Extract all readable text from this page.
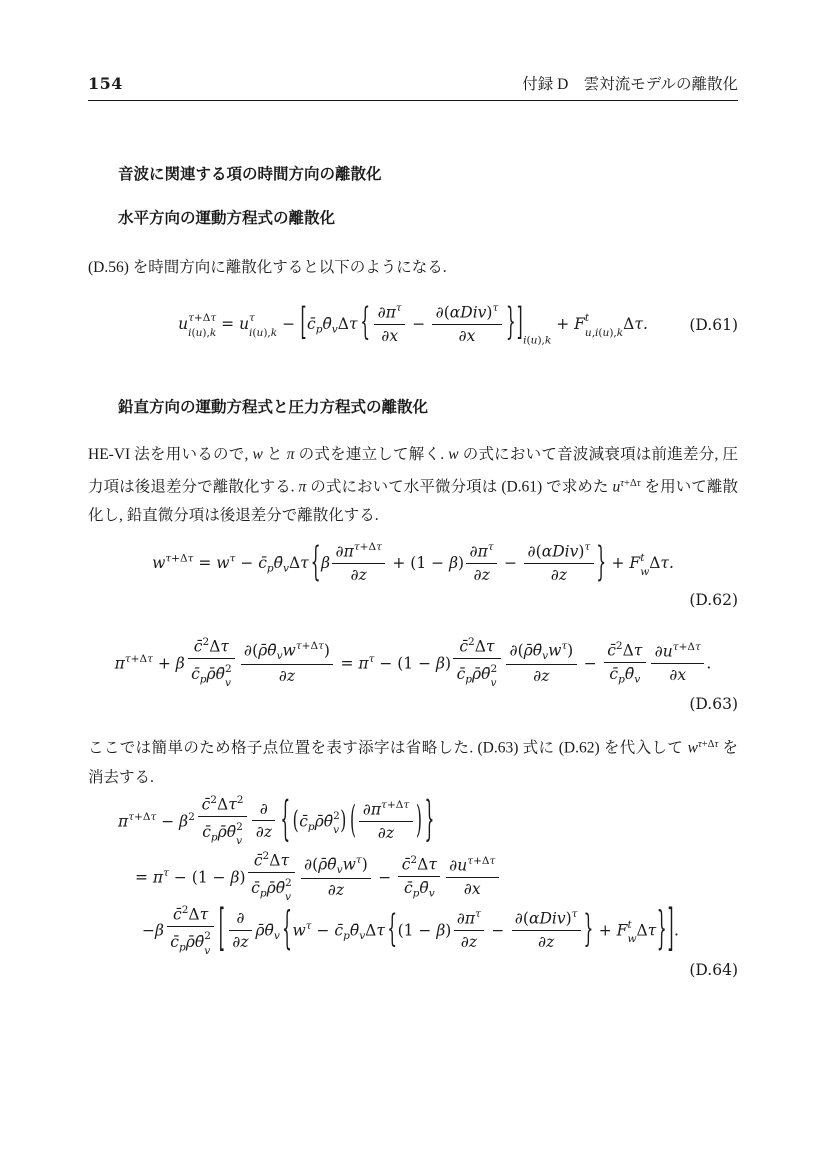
154	付録 D　雲対流モデルの離散化
音波に関連する項の時間方向の離散化
水平方向の運動方程式の離散化

(D.56) を時間方向に離散化すると以下のようになる.

u τ+Δτ
i(u),k = u τ
$i(u),k - [c̄_p\thetā_v\Delta\tau$ { $\frac{\partial\pi^\tau}{\partial x}$ −
$\partial(\alpha Div)^\tau$
∂x	}]$_{i(u),k} + F$ t
u,i(u),k Δτ.	(D.61)
鉛直方向の運動方程式と圧力方程式の離散化

HE-VI 法を用いるので, w と π の式を連立して解く. w の式において音波減衰項は前進差分, 圧力項は後退差分で離散化する. π の式において水平微分項は (D.61) で求めた $u^{\tau+\Delta\tau}$ を用いて離散化し, 鉛直微分項は後退差分で離散化する.

$w^{\tau+\Delta\tau} = w^\tau$ − $c̄_p\thetā_v\Delta\tau$ {$\beta \frac{\partial\pi^{\tau+\Delta\tau}}{\partial z} + (1 - \beta) \frac{\partial\pi^\tau}{\partial z}$ −
$\partial(\alpha Div)^\tau$
∂z	} + F t
w Δτ.
(D.62)
$\pi^{\tau+\Delta\tau} + \beta$ c̄$^2$Δτ
$c̄_p\rhō\thetā$ 2
v $\partial(\rhō\thetā_vw^{\tau+\Delta\tau})$
∂z
= $\pi^\tau - (1 - \beta)$ c̄$^2$Δτ
$c̄_p\rhō\thetā$ 2
v $\partial(\rhō\thetā_vw^\tau)$
∂z
− $\frac{c̄^2\Delta\tau}{c̄_p\thetā_v} \frac{\partial u^{\tau+\Delta\tau}}{\partial x}$ .
(D.63)

ここでは簡単のため格子点位置を表す添字は省略した. (D.63) 式に (D.62) を代入して $w^{\tau+\Delta\tau}$ を消去する.

$\pi^{\tau+\Delta\tau} - \beta^2$ $c̄^2\Delta\tau^2$
$c̄_p\rhō\thetā$ 2
v ∂
∂z { ($c̄_p\rhō\thetā$ 2
v ) ( $\frac{\partial\pi^{\tau+\Delta\tau}}{\partial z}$ ) }
= $\pi^\tau - (1 - \beta)$ c̄$^2$Δτ
$c̄_p\rhō\thetā$ 2
v $\partial(\rhō\thetā_vw^\tau)$
∂z
− $\frac{c̄^2\Delta\tau}{c̄_p\thetā_v} \frac{\partial u^{\tau+\Delta\tau}}{\partial x}$
−β c̄$^2$Δτ
$c̄_p\rhō\thetā$ 2
v [ ∂
∂z
$\rhō\thetā_v$ {$w^\tau$ − $c̄_p\thetā_v\Delta\tau$ {$(1 - \beta) \frac{\partial\pi^\tau}{\partial z}$ −
$\partial(\alpha Div)^\tau$
∂z	} + F t
w Δτ}].
(D.64)
